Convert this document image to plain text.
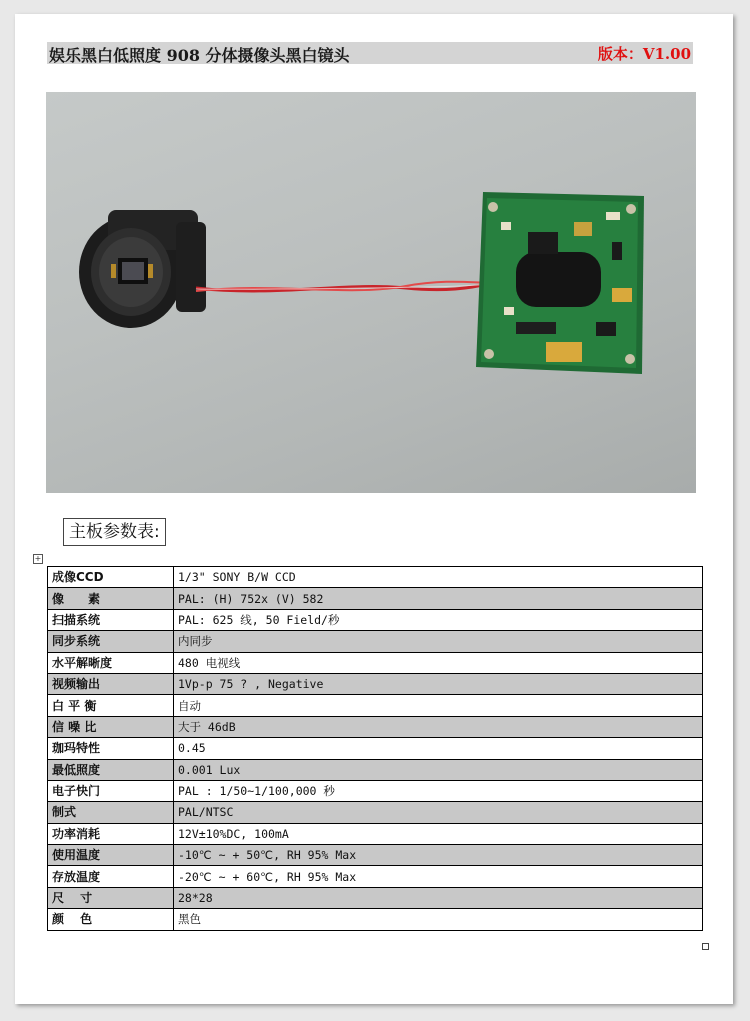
娱乐黑白低照度 908 分体摄像头黑白镜头	版本：V1.00
主板参数表:
+
成像CCD	1/3" SONY B/W CCD
像　　素	PAL: (H) 752x (V) 582
扫描系统	PAL: 625 线, 50 Field/秒
同步系统	内同步
水平解晰度	480 电视线
视频输出	1Vp-p 75 ? , Negative
白 平 衡	自动
信 噪 比	大于 46dB
珈玛特性	0.45
最低照度	0.001 Lux
电子快门	PAL : 1/50~1/100,000 秒
制式	PAL/NTSC
功率消耗	12V±10%DC, 100mA
使用温度	-10℃ ~ + 50℃, RH 95% Max
存放温度	-20℃ ~ + 60℃, RH 95% Max
尺　 寸	28*28
颜　 色	黑色
